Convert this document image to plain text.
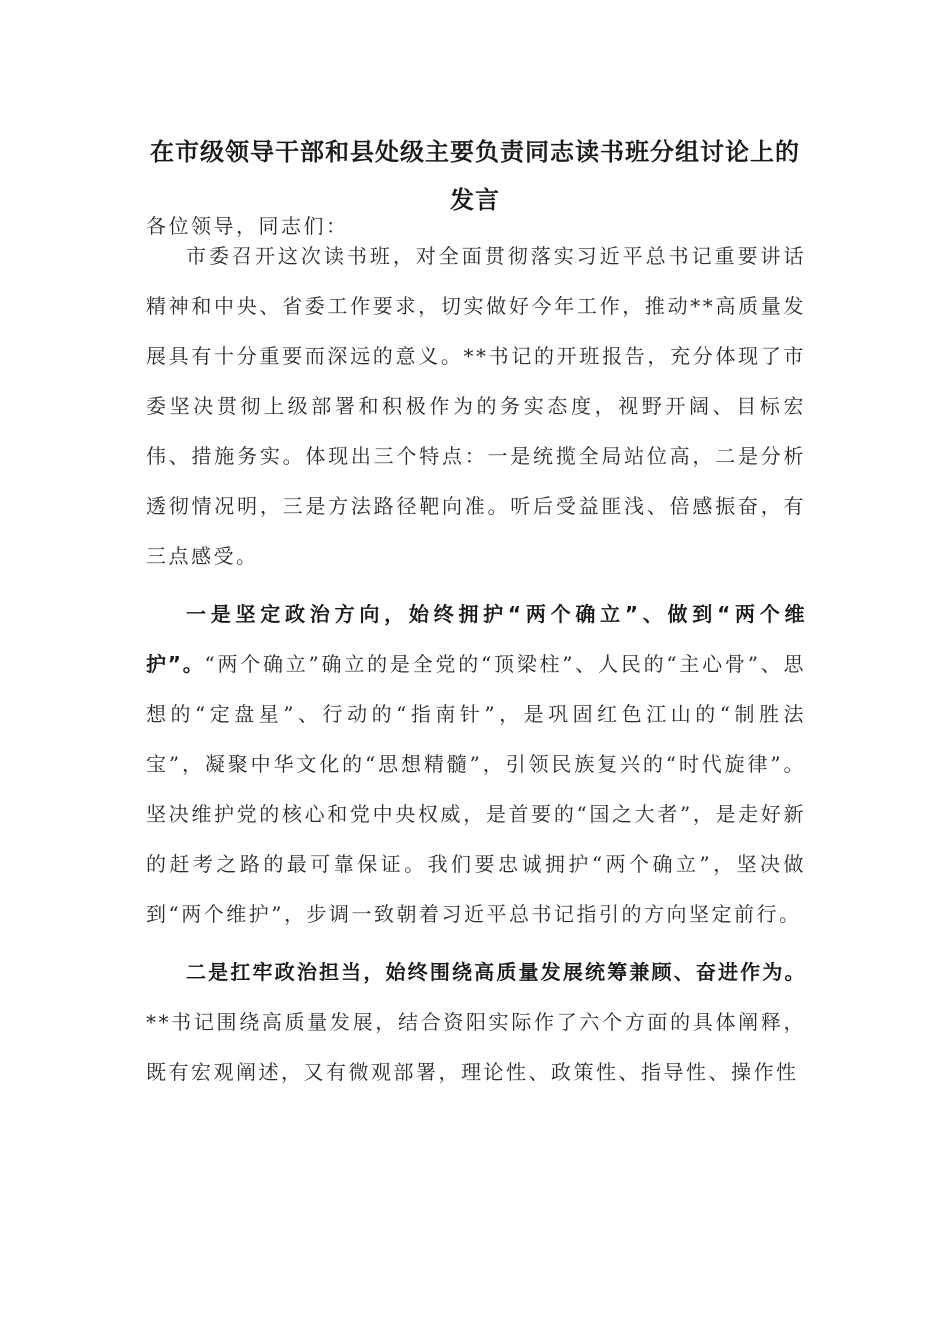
在市级领导干部和县处级主要负责同志读书班分组讨论上的发言
各位领导，同志们：

市委召开这次读书班，对全面贯彻落实习近平总书记重要讲话精神和中央、省委工作要求，切实做好今年工作，推动**高质量发展具有十分重要而深远的意义。**书记的开班报告，充分体现了市委坚决贯彻上级部署和积极作为的务实态度，视野开阔、目标宏伟、措施务实。体现出三个特点：一是统揽全局站位高，二是分析透彻情况明，三是方法路径靶向准。听后受益匪浅、倍感振奋，有三点感受。

一是坚定政治方向，始终拥护“两个确立”、做到“两个维护”。“两个确立”确立的是全党的“顶梁柱”、人民的“主心骨”、思想的“定盘星”、行动的“指南针”，是巩固红色江山的“制胜法宝”，凝聚中华文化的“思想精髓”，引领民族复兴的“时代旋律”。坚决维护党的核心和党中央权威，是首要的“国之大者”，是走好新的赶考之路的最可靠保证。我们要忠诚拥护“两个确立”，坚决做到“两个维护”，步调一致朝着习近平总书记指引的方向坚定前行。

二是扛牢政治担当，始终围绕高质量发展统筹兼顾、奋进作为。**书记围绕高质量发展，结合资阳实际作了六个方面的具体阐释，既有宏观阐述，又有微观部署，理论性、政策性、指导性、操作性
